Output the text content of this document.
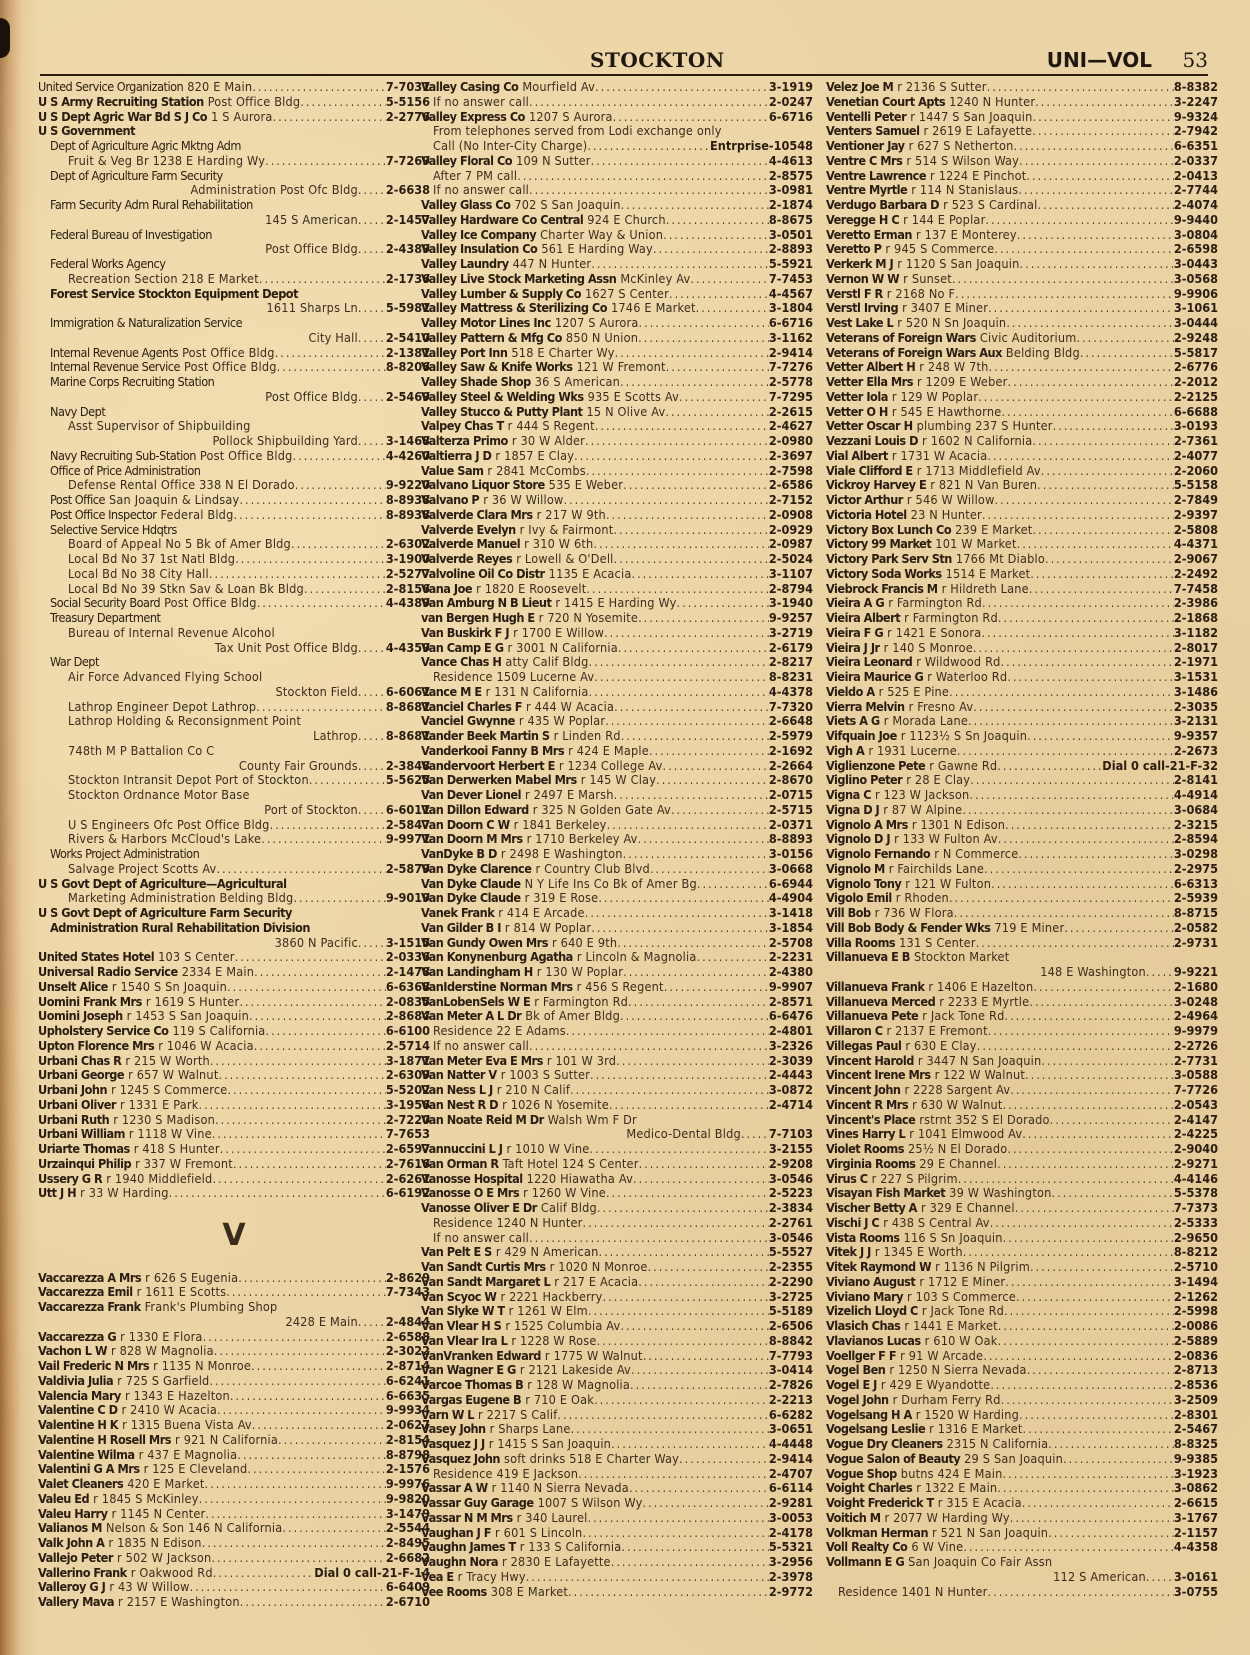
STOCKTON	UNI—VOL 53
United Service Organization 820 E Main .....	7-7031
U S Army Recruiting Station Post Office Bldg .....	5-5156
U S Dept Agric War Bd S J Co 1 S Aurora .....	2-2776
U S Government
Dept of Agriculture Agric Mktng Adm
Fruit & Veg Br 1238 E Harding Wy .....	7-7269
Dept of Agriculture Farm Security
Administration Post Ofc Bldg ..... 2-6638
Farm Security Adm Rural Rehabilitation
145 S American ..... 2-1457
Federal Bureau of Investigation
Post Office Bldg ..... 2-4389
Federal Works Agency
Recreation Section 218 E Market .....	2-1736
Forest Service Stockton Equipment Depot
1611 Sharps Ln ..... 5-5981
Immigration & Naturalization Service
City Hall ..... 2-5410
Internal Revenue Agents Post Office Bldg .....	2-1381
Internal Revenue Service Post Office Bldg .....	8-8206
Marine Corps Recruiting Station
Post Office Bldg ..... 2-5469
Navy Dept
Asst Supervisor of Shipbuilding
Pollock Shipbuilding Yard ..... 3-1468
Navy Recruiting Sub-Station Post Office Bldg .....	4-4260
Office of Price Administration
Defense Rental Office 338 N El Dorado .....	9-9220
Post Office San Joaquin & Lindsay .....	8-8938
Post Office Inspector Federal Bldg .....	8-8938
Selective Service Hdqtrs
Board of Appeal No 5 Bk of Amer Bldg .....	2-6302
Local Bd No 37 1st Natl Bldg .....	3-1900
Local Bd No 38 City Hall .....	2-5277
Local Bd No 39 Stkn Sav & Loan Bk Bldg .....	2-8156
Social Security Board Post Office Bldg .....	4-4389
Treasury Department
Bureau of Internal Revenue Alcohol
Tax Unit Post Office Bldg ..... 4-4359
War Dept
Air Force Advanced Flying School
Stockton Field ..... 6-6061
Lathrop Engineer Depot Lathrop .....	8-8681
Lathrop Holding & Reconsignment Point
Lathrop ..... 8-8681
748th M P Battalion Co C
County Fair Grounds ..... 2-3848
Stockton Intransit Depot Port of Stockton .....	5-5625
Stockton Ordnance Motor Base
Port of Stockton ..... 6-6011
U S Engineers Ofc Post Office Bldg .....	2-5847
Rivers & Harbors McCloud's Lake .....	9-9971
Works Project Administration
Salvage Project Scotts Av .....	2-5879
U S Govt Dept of Agriculture—Agricultural
Marketing Administration Belding Bldg .....	9-9019
U S Govt Dept of Agriculture Farm Security
Administration Rural Rehabilitation Division
3860 N Pacific ..... 3-1515
United States Hotel 103 S Center .....	2-0336
Universal Radio Service 2334 E Main .....	2-1478
Unselt Alice r 1540 S Sn Joaquin .....	6-6368
Uomini Frank Mrs r 1619 S Hunter .....	2-0835
Uomini Joseph r 1453 S San Joaquin .....	2-8684
Upholstery Service Co 119 S California .....	6-6100
Upton Florence Mrs r 1046 W Acacia .....	2-5714
Urbani Chas R r 215 W Worth .....	3-1871
Urbani George r 657 W Walnut .....	2-6309
Urbani John r 1245 S Commerce .....	5-5202
Urbani Oliver r 1331 E Park .....	3-1956
Urbani Ruth r 1230 S Madison .....	2-7220
Urbani William r 1118 W Vine .....	7-7653
Uriarte Thomas r 418 S Hunter .....	2-6597
Urzainqui Philip r 337 W Fremont .....	2-7616
Ussery G R r 1940 Middlefield .....	2-6261
Utt J H r 33 W Harding .....	6-6192
V
Vaccarezza A Mrs r 626 S Eugenia .....	2-8629
Vaccarezza Emil r 1611 E Scotts .....	7-7343
Vaccarezza Frank Frank's Plumbing Shop
2428 E Main ..... 2-4844
Vaccarezza G r 1330 E Flora .....	2-6588
Vachon L W r 828 W Magnolia .....	2-3022
Vail Frederic N Mrs r 1135 N Monroe .....	2-8714
Valdivia Julia r 725 S Garfield .....	6-6241
Valencia Mary r 1343 E Hazelton .....	6-6635
Valentine C D r 2410 W Acacia .....	9-9934
Valentine H K r 1315 Buena Vista Av .....	2-0627
Valentine H Rosell Mrs r 921 N California .....	2-8154
Valentine Wilma r 437 E Magnolia .....	8-8798
Valentini G A Mrs r 125 E Cleveland .....	2-1576
Valet Cleaners 420 E Market .....	9-9976
Valeu Ed r 1845 S McKinley .....	9-9820
Valeu Harry r 1145 N Center .....	3-1479
Valianos M Nelson & Son 146 N California .....	2-5544
Valk John A r 1835 N Edison .....	2-8495
Vallejo Peter r 502 W Jackson .....	2-6682
Vallerino Frank r Oakwood Rd .....	Dial 0 call-21-F-14
Valleroy G J r 43 W Willow .....	6-6409
Vallery Mava r 2157 E Washington .....	2-6710
Valley Casing Co Mourfield Av .....	3-1919
If no answer call .....	2-0247
Valley Express Co 1207 S Aurora .....	6-6716
From telephones served from Lodi exchange only
Call (No Inter-City Charge) .....	Entrprise-10548
Valley Floral Co 109 N Sutter .....	4-4613
After 7 PM call .....	2-8575
If no answer call .....	3-0981
Valley Glass Co 702 S San Joaquin .....	2-1874
Valley Hardware Co Central 924 E Church .....	8-8675
Valley Ice Company Charter Way & Union .....	3-0501
Valley Insulation Co 561 E Harding Way .....	2-8893
Valley Laundry 447 N Hunter .....	5-5921
Valley Live Stock Marketing Assn McKinley Av .....	7-7453
Valley Lumber & Supply Co 1627 S Center .....	4-4567
Valley Mattress & Sterilizing Co 1746 E Market .....	3-1804
Valley Motor Lines Inc 1207 S Aurora .....	6-6716
Valley Pattern & Mfg Co 850 N Union .....	3-1162
Valley Port Inn 518 E Charter Wy .....	2-9414
Valley Saw & Knife Works 121 W Fremont .....	7-7276
Valley Shade Shop 36 S American .....	2-5778
Valley Steel & Welding Wks 935 E Scotts Av .....	7-7295
Valley Stucco & Putty Plant 15 N Olive Av .....	2-2615
Valpey Chas T r 444 S Regent .....	2-4627
Valterza Primo r 30 W Alder .....	2-0980
Valtierra J D r 1857 E Clay .....	2-3697
Value Sam r 2841 McCombs .....	2-7598
Valvano Liquor Store 535 E Weber .....	2-6586
Valvano P r 36 W Willow .....	2-7152
Valverde Clara Mrs r 217 W 9th .....	2-0908
Valverde Evelyn r Ivy & Fairmont .....	2-0929
Valverde Manuel r 310 W 6th .....	2-0987
Valverde Reyes r Lowell & O'Dell .....	2-5024
Valvoline Oil Co Distr 1135 E Acacia .....	3-1107
Vana Joe r 1820 E Roosevelt .....	2-8794
Van Amburg N B Lieut r 1415 E Harding Wy .....	3-1940
van Bergen Hugh E r 720 N Yosemite .....	9-9257
Van Buskirk F J r 1700 E Willow .....	3-2719
Van Camp E G r 3001 N California .....	2-6179
Vance Chas H atty Calif Bldg .....	2-8217
Residence 1509 Lucerne Av .....	8-8231
Vance M E r 131 N California .....	4-4378
Vanciel Charles F r 444 W Acacia .....	7-7320
Vanciel Gwynne r 435 W Poplar .....	2-6648
Vander Beek Martin S r Linden Rd .....	2-5979
Vanderkooi Fanny B Mrs r 424 E Maple .....	2-1692
Vandervoort Herbert E r 1234 College Av .....	2-2664
Van Derwerken Mabel Mrs r 145 W Clay .....	2-8670
Van Dever Lionel r 2497 E Marsh .....	2-0715
Van Dillon Edward r 325 N Golden Gate Av .....	2-5715
Van Doorn C W r 1841 Berkeley .....	2-0371
Van Doorn M Mrs r 1710 Berkeley Av .....	8-8893
VanDyke B D r 2498 E Washington .....	3-0156
Van Dyke Clarence r Country Club Blvd .....	3-0668
Van Dyke Claude N Y Life Ins Co Bk of Amer Bg .....	6-6944
Van Dyke Claude r 319 E Rose .....	4-4904
Vanek Frank r 414 E Arcade .....	3-1418
Van Gilder B I r 814 W Poplar .....	3-1854
Van Gundy Owen Mrs r 640 E 9th .....	2-5708
Van Konynenburg Agatha r Lincoln & Magnolia .....	2-2231
Van Landingham H r 130 W Poplar .....	2-4380
VanIderstine Norman Mrs r 456 S Regent .....	9-9907
VanLobenSels W E r Farmington Rd .....	2-8571
Van Meter A L Dr Bk of Amer Bldg .....	6-6476
Residence 22 E Adams .....	2-4801
If no answer call .....	3-2326
Van Meter Eva E Mrs r 101 W 3rd .....	2-3039
Van Natter V r 1003 S Sutter .....	2-4443
Van Ness L J r 210 N Calif .....	3-0872
Van Nest R D r 1026 N Yosemite .....	2-4714
Van Noate Reid M Dr Walsh Wm F Dr
Medico-Dental Bldg ..... 7-7103
Vannuccini L J r 1010 W Vine .....	3-2155
Van Orman R Taft Hotel 124 S Center .....	2-9208
Vanosse Hospital 1220 Hiawatha Av .....	3-0546
Vanosse O E Mrs r 1260 W Vine .....	2-5223
Vanosse Oliver E Dr Calif Bldg .....	2-3834
Residence 1240 N Hunter .....	2-2761
If no answer call .....	3-0546
Van Pelt E S r 429 N American .....	5-5527
Van Sandt Curtis Mrs r 1020 N Monroe .....	2-2355
Van Sandt Margaret L r 217 E Acacia .....	2-2290
Van Scyoc W r 2221 Hackberry .....	3-2725
Van Slyke W T r 1261 W Elm .....	5-5189
Van Vlear H S r 1525 Columbia Av .....	2-6506
Van Vlear Ira L r 1228 W Rose .....	8-8842
VanVranken Edward r 1775 W Walnut .....	7-7793
Van Wagner E G r 2121 Lakeside Av .....	3-0414
Varcoe Thomas B r 128 W Magnolia .....	2-7826
Vargas Eugene B r 710 E Oak .....	2-2213
Varn W L r 2217 S Calif .....	6-6282
Vasey John r Sharps Lane .....	3-0651
Vasquez J J r 1415 S San Joaquin .....	4-4448
Vasquez John soft drinks 518 E Charter Way .....	2-9414
Residence 419 E Jackson .....	2-4707
Vassar A W r 1140 N Sierra Nevada .....	6-6114
Vassar Guy Garage 1007 S Wilson Wy .....	2-9281
Vassar N M Mrs r 340 Laurel .....	3-0053
Vaughan J F r 601 S Lincoln .....	2-4178
Vaughn James T r 133 S California .....	5-5321
Vaughn Nora r 2830 E Lafayette .....	3-2956
Vea E r Tracy Hwy .....	2-3978
Vee Rooms 308 E Market .....	2-9772
Velez Joe M r 2136 S Sutter .....	8-8382
Venetian Court Apts 1240 N Hunter .....	3-2247
Ventelli Peter r 1447 S San Joaquin .....	9-9324
Venters Samuel r 2619 E Lafayette .....	2-7942
Ventioner Jay r 627 S Netherton .....	6-6351
Ventre C Mrs r 514 S Wilson Way .....	2-0337
Ventre Lawrence r 1224 E Pinchot .....	2-0413
Ventre Myrtle r 114 N Stanislaus .....	2-7744
Verdugo Barbara D r 523 S Cardinal .....	2-4074
Veregge H C r 144 E Poplar .....	9-9440
Veretto Erman r 137 E Monterey .....	3-0804
Veretto P r 945 S Commerce .....	2-6598
Verkerk M J r 1120 S San Joaquin .....	3-0443
Vernon W W r Sunset .....	3-0568
Verstl F R r 2168 No F .....	9-9906
Verstl Irving r 3407 E Miner .....	3-1061
Vest Lake L r 520 N Sn Joaquin .....	3-0444
Veterans of Foreign Wars Civic Auditorium .....	2-9248
Veterans of Foreign Wars Aux Belding Bldg .....	5-5817
Vetter Albert H r 248 W 7th .....	2-6776
Vetter Ella Mrs r 1209 E Weber .....	2-2012
Vetter Iola r 129 W Poplar .....	2-2125
Vetter O H r 545 E Hawthorne .....	6-6688
Vetter Oscar H plumbing 237 S Hunter .....	3-0193
Vezzani Louis D r 1602 N California .....	2-7361
Vial Albert r 1731 W Acacia .....	2-4077
Viale Clifford E r 1713 Middlefield Av .....	2-2060
Vickroy Harvey E r 821 N Van Buren .....	5-5158
Victor Arthur r 546 W Willow .....	2-7849
Victoria Hotel 23 N Hunter .....	2-9397
Victory Box Lunch Co 239 E Market .....	2-5808
Victory 99 Market 101 W Market .....	4-4371
Victory Park Serv Stn 1766 Mt Diablo .....	2-9067
Victory Soda Works 1514 E Market .....	2-2492
Viebrock Francis M r Hildreth Lane .....	7-7458
Vieira A G r Farmington Rd .....	2-3986
Vieira Albert r Farmington Rd .....	2-1868
Vieira F G r 1421 E Sonora .....	3-1182
Vieira J Jr r 140 S Monroe .....	2-8017
Vieira Leonard r Wildwood Rd .....	2-1971
Vieira Maurice G r Waterloo Rd .....	3-1531
Vieldo A r 525 E Pine .....	3-1486
Vierra Melvin r Fresno Av .....	2-3035
Viets A G r Morada Lane .....	3-2131
Vifquain Joe r 1123½ S Sn Joaquin .....	9-9357
Vigh A r 1931 Lucerne .....	2-2673
Viglienzone Pete r Gawne Rd .....	Dial 0 call-21-F-32
Viglino Peter r 28 E Clay .....	2-8141
Vigna C r 123 W Jackson .....	4-4914
Vigna D J r 87 W Alpine .....	3-0684
Vignolo A Mrs r 1301 N Edison .....	2-3215
Vignolo D J r 133 W Fulton Av .....	2-8594
Vignolo Fernando r N Commerce .....	3-0298
Vignolo M r Fairchilds Lane .....	2-2975
Vignolo Tony r 121 W Fulton .....	6-6313
Vigolo Emil r Rhoden .....	2-5939
Vill Bob r 736 W Flora .....	8-8715
Vill Bob Body & Fender Wks 719 E Miner .....	2-0582
Villa Rooms 131 S Center .....	2-9731
Villanueva E B Stockton Market
148 E Washington ..... 9-9221
Villanueva Frank r 1406 E Hazelton .....	2-1680
Villanueva Merced r 2233 E Myrtle .....	3-0248
Villanueva Pete r Jack Tone Rd .....	2-4964
Villaron C r 2137 E Fremont .....	9-9979
Villegas Paul r 630 E Clay .....	2-2726
Vincent Harold r 3447 N San Joaquin .....	2-7731
Vincent Irene Mrs r 122 W Walnut .....	3-0588
Vincent John r 2228 Sargent Av .....	7-7726
Vincent R Mrs r 630 W Walnut .....	2-0543
Vincent's Place rstrnt 352 S El Dorado .....	2-4147
Vines Harry L r 1041 Elmwood Av .....	2-4225
Violet Rooms 25½ N El Dorado .....	2-9040
Virginia Rooms 29 E Channel .....	2-9271
Virus C r 227 S Pilgrim .....	4-4146
Visayan Fish Market 39 W Washington .....	5-5378
Vischer Betty A r 329 E Channel .....	7-7373
Vischi J C r 438 S Central Av .....	2-5333
Vista Rooms 116 S Sn Joaquin .....	2-9650
Vitek J J r 1345 E Worth .....	8-8212
Vitek Raymond W r 1136 N Pilgrim .....	2-5710
Viviano August r 1712 E Miner .....	3-1494
Viviano Mary r 103 S Commerce .....	2-1262
Vizelich Lloyd C r Jack Tone Rd .....	2-5998
Vlasich Chas r 1441 E Market .....	2-0086
Vlavianos Lucas r 610 W Oak .....	2-5889
Voellger F F r 91 W Arcade .....	2-0836
Vogel Ben r 1250 N Sierra Nevada .....	2-8713
Vogel E J r 429 E Wyandotte .....	2-8536
Vogel John r Durham Ferry Rd .....	3-2509
Vogelsang H A r 1520 W Harding .....	2-8301
Vogelsang Leslie r 1316 E Market .....	2-5467
Vogue Dry Cleaners 2315 N California .....	8-8325
Vogue Salon of Beauty 29 S San Joaquin .....	9-9385
Vogue Shop butns 424 E Main .....	3-1923
Voight Charles r 1322 E Main .....	3-0862
Voight Frederick T r 315 E Acacia .....	2-6615
Voitich M r 2077 W Harding Wy .....	3-1767
Volkman Herman r 521 N San Joaquin .....	2-1157
Voll Realty Co 6 W Vine .....	4-4358
Vollmann E G San Joaquin Co Fair Assn
112 S American ..... 3-0161
Residence 1401 N Hunter .....	3-0755
